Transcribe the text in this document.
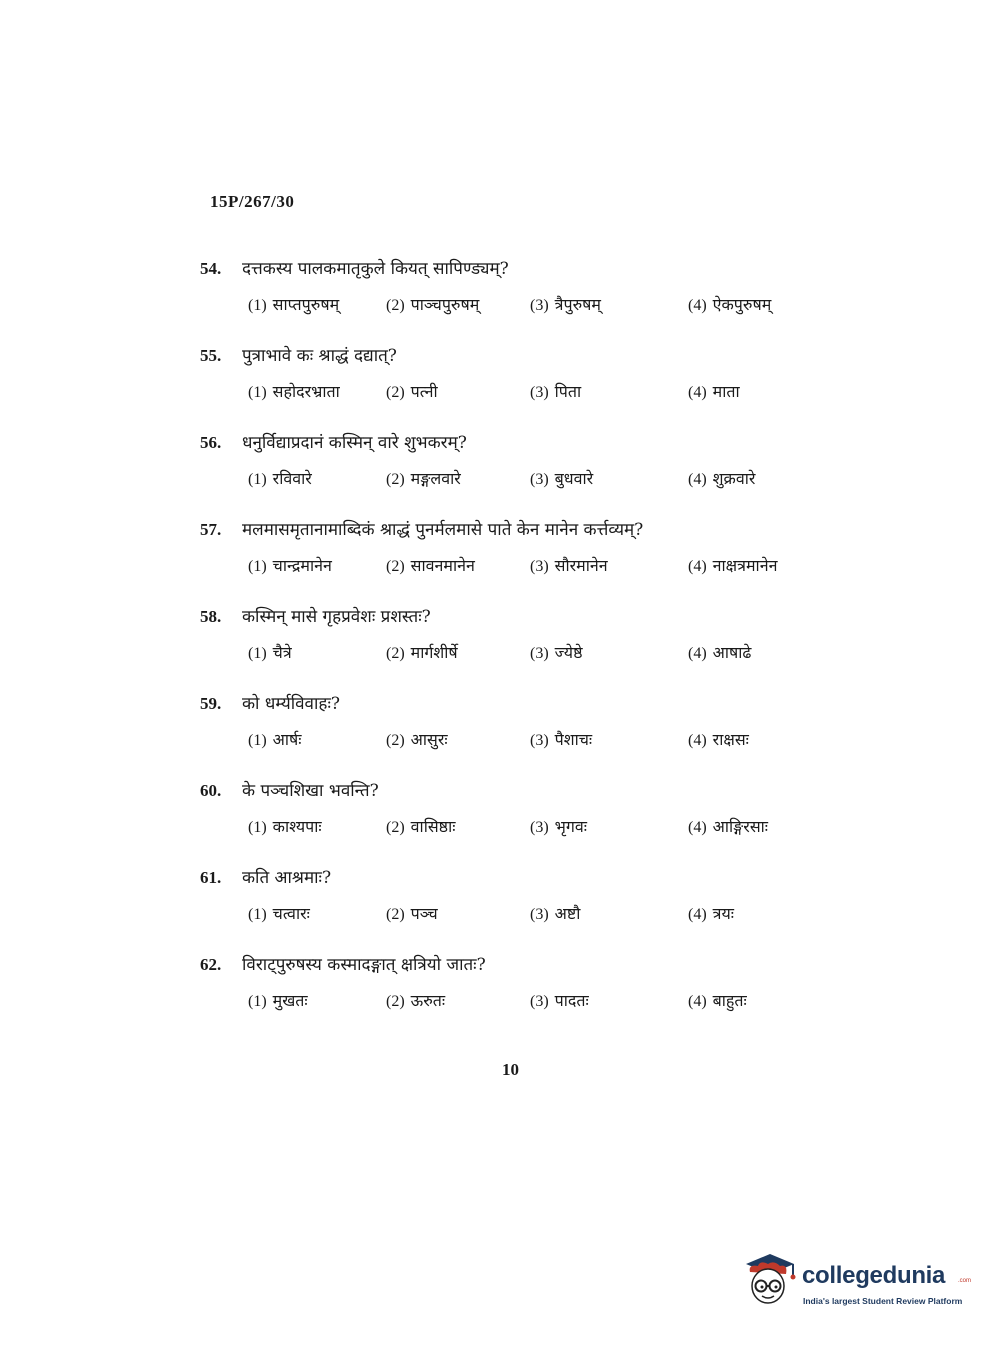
15P/267/30
54. दत्तकस्य पालकमातृकुले कियत् सापिण्ड्यम्?
(1) साप्तपुरुषम्	(2) पाञ्चपुरुषम्	(3) त्रैपुरुषम्	(4) ऐकपुरुषम्
55. पुत्राभावे कः श्राद्धं दद्यात्?
(1) सहोदरभ्राता	(2) पत्नी	(3) पिता	(4) माता
56. धनुर्विद्याप्रदानं कस्मिन् वारे शुभकरम्?
(1) रविवारे	(2) मङ्गलवारे	(3) बुधवारे	(4) शुक्रवारे
57. मलमासमृतानामाब्दिकं श्राद्धं पुनर्मलमासे पाते केन मानेन कर्त्तव्यम्?
(1) चान्द्रमानेन	(2) सावनमानेन	(3) सौरमानेन	(4) नाक्षत्रमानेन
58. कस्मिन् मासे गृहप्रवेशः प्रशस्तः?
(1) चैत्रे	(2) मार्गशीर्षे	(3) ज्येष्ठे	(4) आषाढे
59. को धर्म्यविवाहः?
(1) आर्षः	(2) आसुरः	(3) पैशाचः	(4) राक्षसः
60. के पञ्चशिखा भवन्ति?
(1) काश्यपाः	(2) वासिष्ठाः	(3) भृगवः	(4) आङ्गिरसाः
61. कति आश्रमाः?
(1) चत्वारः	(2) पञ्च	(3) अष्टौ	(4) त्रयः
62. विराट्पुरुषस्य कस्मादङ्गात् क्षत्रियो जातः?
(1) मुखतः	(2) ऊरुतः	(3) पादतः	(4) बाहुतः
10
collegedunia .com
India's largest Student Review Platform
